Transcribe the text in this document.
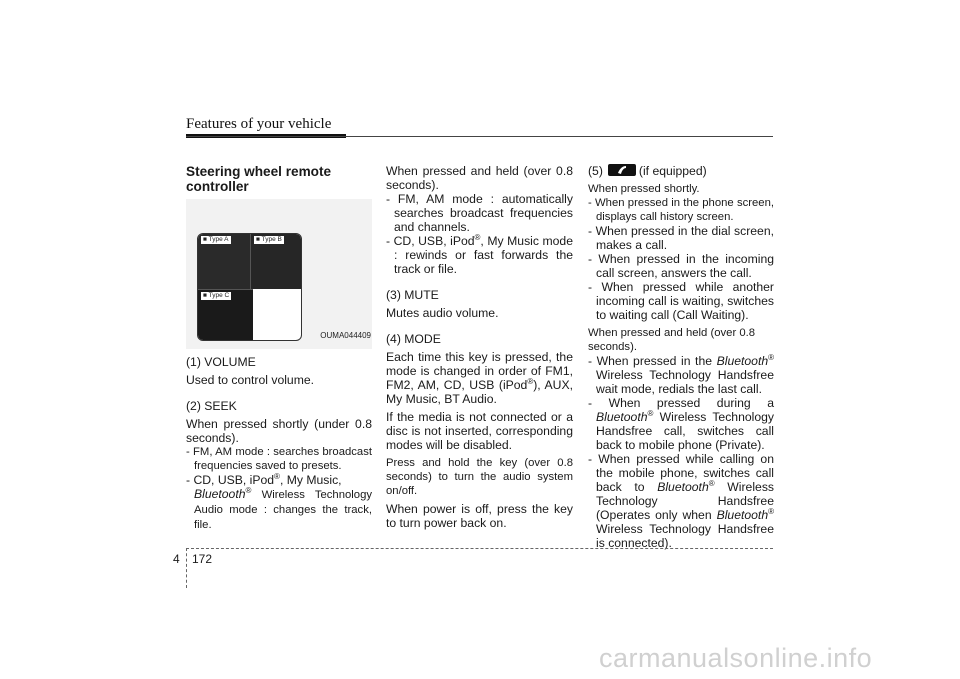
Features of your vehicle
Steering wheel remote controller
■ Type A	■ Type B
■ Type C
OUMA044409

(1) VOLUME

Used to control volume.

(2) SEEK

When pressed shortly (under 0.8 seconds).

- FM, AM mode : searches broadcast frequencies saved to presets.

- CD, USB, iPod®, My Music,
Bluetooth® Wireless Technology Audio mode : changes the track, file.

When pressed and held (over 0.8 seconds).

- FM, AM mode : automatically searches broadcast frequencies and channels.

- CD, USB, iPod®, My Music mode : rewinds or fast forwards the track or file.

(3) MUTE

Mutes audio volume.

(4) MODE

Each time this key is pressed, the mode is changed in order of FM1, FM2, AM, CD, USB (iPod®), AUX, My Music, BT Audio.

If the media is not connected or a disc is not inserted, corresponding modes will be disabled.

Press and hold the key (over 0.8 seconds) to turn the audio system on/off.

When power is off, press the key to turn power back on.

(5)	(if equipped)

When pressed shortly.

- When pressed in the phone screen, displays call history screen.

- When pressed in the dial screen, makes a call.

- When pressed in the incoming call screen, answers the call.

- When pressed while another incoming call is waiting, switches to waiting call (Call Waiting).

When pressed and held (over 0.8 seconds).

- When pressed in the Bluetooth® Wireless Technology Handsfree wait mode, redials the last call.

- When pressed during a Bluetooth® Wireless Technology Handsfree call, switches call back to mobile phone (Private).

- When pressed while calling on the mobile phone, switches call back to Bluetooth® Wireless Technology Handsfree (Operates only when Bluetooth® Wireless Technology Handsfree is connected).

4 172
carmanualsonline.info
